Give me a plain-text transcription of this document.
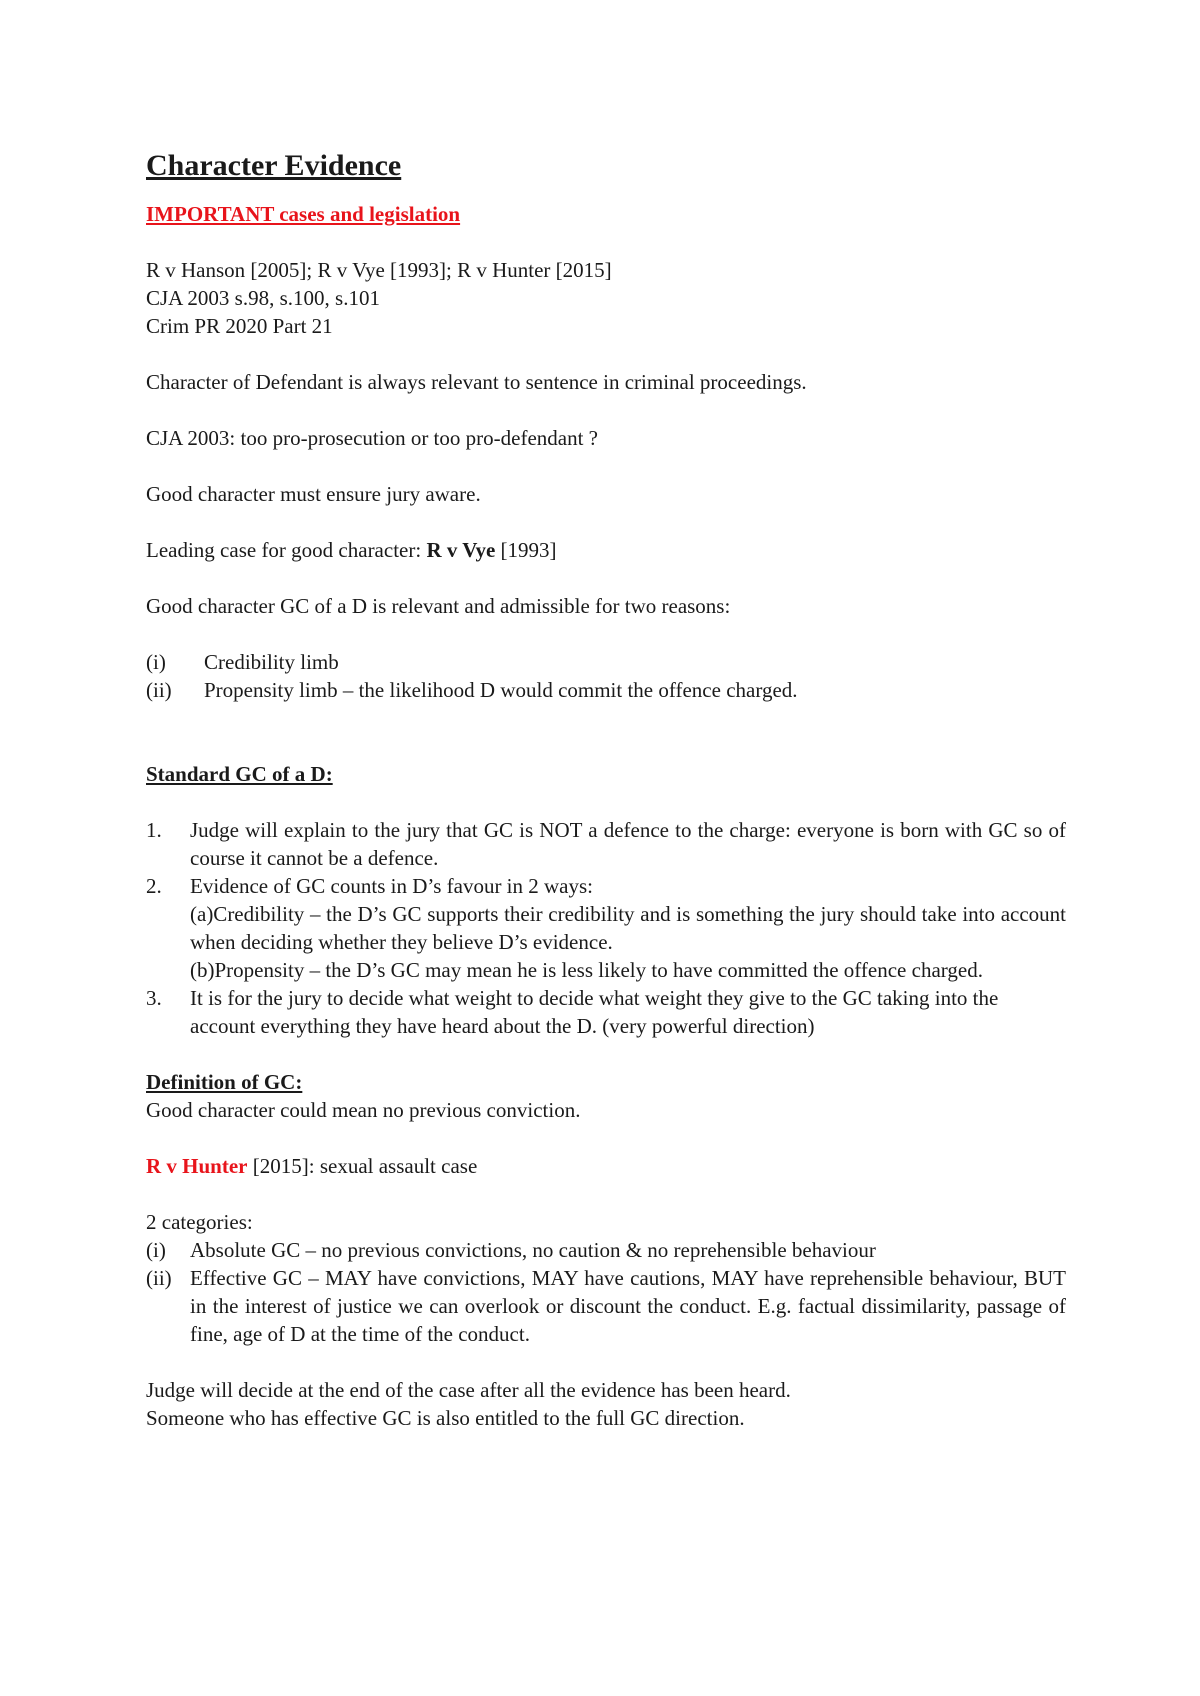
Character Evidence

IMPORTANT cases and legislation

R v Hanson [2005]; R v Vye [1993]; R v Hunter [2015]

CJA 2003 s.98, s.100, s.101

Crim PR 2020 Part 21

Character of Defendant is always relevant to sentence in criminal proceedings.

CJA 2003: too pro-prosecution or too pro-defendant ?

Good character must ensure jury aware.

Leading case for good character: R v Vye [1993]

Good character GC of a D is relevant and admissible for two reasons:

(i)	Credibility limb
(ii)	Propensity limb – the likelihood D would commit the offence charged.

Standard GC of a D:

1.	Judge will explain to the jury that GC is NOT a defence to the charge: everyone is born with GC so of course it cannot be a defence.
2.	Evidence of GC counts in D’s favour in 2 ways:
(a)Credibility – the D’s GC supports their credibility and is something the jury should take into account when deciding whether they believe D’s evidence.
(b)Propensity – the D’s GC may mean he is less likely to have committed the offence charged.
3.	It is for the jury to decide what weight to decide what weight they give to the GC taking into the account everything they have heard about the D. (very powerful direction)

Definition of GC:

Good character could mean no previous conviction.

R v Hunter [2015]: sexual assault case

2 categories:

(i)	Absolute GC – no previous convictions, no caution & no reprehensible behaviour
(ii) Effective GC – MAY have convictions, MAY have cautions, MAY have reprehensible behaviour, BUT in the interest of justice we can overlook or discount the conduct. E.g. factual dissimilarity, passage of fine, age of D at the time of the conduct.

Judge will decide at the end of the case after all the evidence has been heard.

Someone who has effective GC is also entitled to the full GC direction.
